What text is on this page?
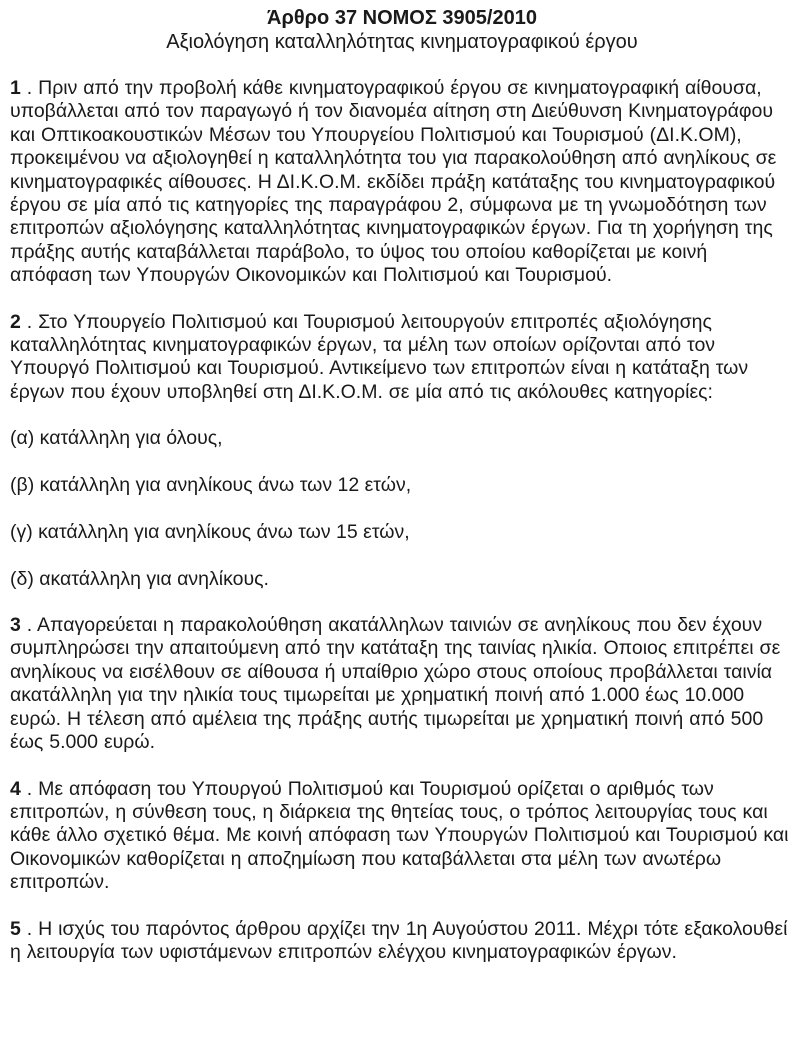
Άρθρο 37 ΝΟΜΟΣ 3905/2010
Αξιολόγηση καταλληλότητας κινηματογραφικού έργου

1 . Πριν από την προβολή κάθε κινηματογραφικού έργου σε κινηματογραφική αίθουσα, υποβάλλεται από τον παραγωγό ή τον διανομέα αίτηση στη Διεύθυνση Κινηματογράφου και Οπτικοακουστικών Μέσων του Υπουργείου Πολιτισμού και Τουρισμού (ΔΙ.Κ.ΟΜ), προκειμένου να αξιολογηθεί η καταλληλότητα του για παρακολούθηση από ανηλίκους σε κινηματογραφικές αίθουσες. Η ΔΙ.Κ.Ο.Μ. εκδίδει πράξη κατάταξης του κινηματογραφικού έργου σε μία από τις κατηγορίες της παραγράφου 2, σύμφωνα με τη γνωμοδότηση των επιτροπών αξιολόγησης καταλληλότητας κινηματογραφικών έργων. Για τη χορήγηση της πράξης αυτής καταβάλλεται παράβολο, το ύψος του οποίου καθορίζεται με κοινή απόφαση των Υπουργών Οικονομικών και Πολιτισμού και Τουρισμού.

2 . Στο Υπουργείο Πολιτισμού και Τουρισμού λειτουργούν επιτροπές αξιολόγησης καταλληλότητας κινηματογραφικών έργων, τα μέλη των οποίων ορίζονται από τον Υπουργό Πολιτισμού και Τουρισμού. Αντικείμενο των επιτροπών είναι η κατάταξη των έργων που έχουν υποβληθεί στη ΔΙ.Κ.Ο.Μ. σε μία από τις ακόλουθες κατηγορίες:

(α) κατάλληλη για όλους,
(β) κατάλληλη για ανηλίκους άνω των 12 ετών,
(γ) κατάλληλη για ανηλίκους άνω των 15 ετών,
(δ) ακατάλληλη για ανηλίκους.

3 . Απαγορεύεται η παρακολούθηση ακατάλληλων ταινιών σε ανηλίκους που δεν έχουν συμπληρώσει την απαιτούμενη από την κατάταξη της ταινίας ηλικία. Οποιος επιτρέπει σε ανηλίκους να εισέλθουν σε αίθουσα ή υπαίθριο χώρο στους οποίους προβάλλεται ταινία ακατάλληλη για την ηλικία τους τιμωρείται με χρηματική ποινή από 1.000 έως 10.000 ευρώ. Η τέλεση από αμέλεια της πράξης αυτής τιμωρείται με χρηματική ποινή από 500 έως 5.000 ευρώ.

4 . Με απόφαση του Υπουργού Πολιτισμού και Τουρισμού ορίζεται ο αριθμός των επιτροπών, η σύνθεση τους, η διάρκεια της θητείας τους, ο τρόπος λειτουργίας τους και κάθε άλλο σχετικό θέμα. Με κοινή απόφαση των Υπουργών Πολιτισμού και Τουρισμού και Οικονομικών καθορίζεται η αποζημίωση που καταβάλλεται στα μέλη των ανωτέρω επιτροπών.

5 . Η ισχύς του παρόντος άρθρου αρχίζει την 1η Αυγούστου 2011. Μέχρι τότε εξακολουθεί η λειτουργία των υφιστάμενων επιτροπών ελέγχου κινηματογραφικών έργων.
